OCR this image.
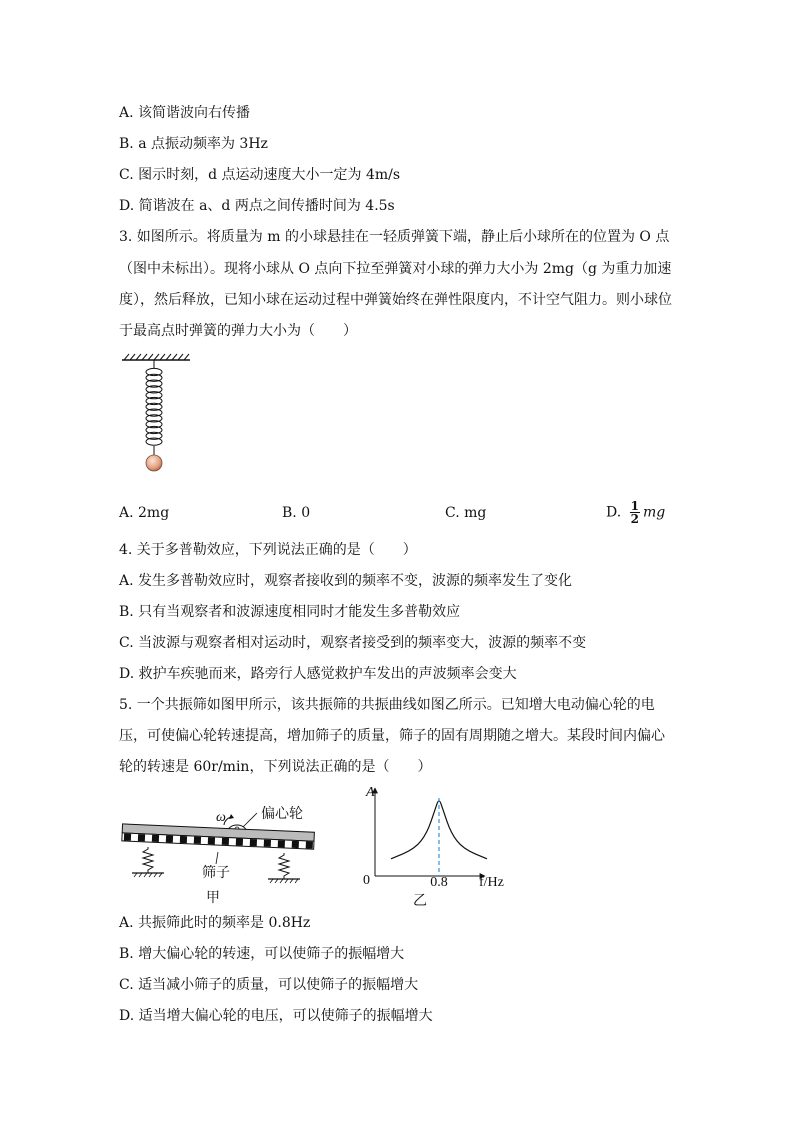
A. 该简谐波向右传播
B. a 点振动频率为 3Hz
C. 图示时刻，d 点运动速度大小一定为 4m/s
D. 简谐波在 a、d 两点之间传播时间为 4.5s
3. 如图所示。将质量为 m 的小球悬挂在一轻质弹簧下端，静止后小球所在的位置为 O 点
（图中未标出）。现将小球从 O 点向下拉至弹簧对小球的弹力大小为 2mg（g 为重力加速
度），然后释放，已知小球在运动过程中弹簧始终在弹性限度内，不计空气阻力。则小球位
于最高点时弹簧的弹力大小为（　　）
A. 2mg	B. 0	C. mg	D. $\frac{1}{2}$ mg
4. 关于多普勒效应，下列说法正确的是（　　）
A. 发生多普勒效应时，观察者接收到的频率不变，波源的频率发生了变化
B. 只有当观察者和波源速度相同时才能发生多普勒效应
C. 当波源与观察者相对运动时，观察者接受到的频率变大，波源的频率不变
D. 救护车疾驰而来，路旁行人感觉救护车发出的声波频率会变大
5. 一个共振筛如图甲所示，该共振筛的共振曲线如图乙所示。已知增大电动偏心轮的电
压，可使偏心轮转速提高，增加筛子的质量，筛子的固有周期随之增大。某段时间内偏心
轮的转速是 60r/min，下列说法正确的是（　　）
ω	偏心轮
筛子
甲
A
0	0.8 f/Hz
乙
A. 共振筛此时的频率是 0.8Hz
B. 增大偏心轮的转速，可以使筛子的振幅增大
C. 适当减小筛子的质量，可以使筛子的振幅增大
D. 适当增大偏心轮的电压，可以使筛子的振幅增大
